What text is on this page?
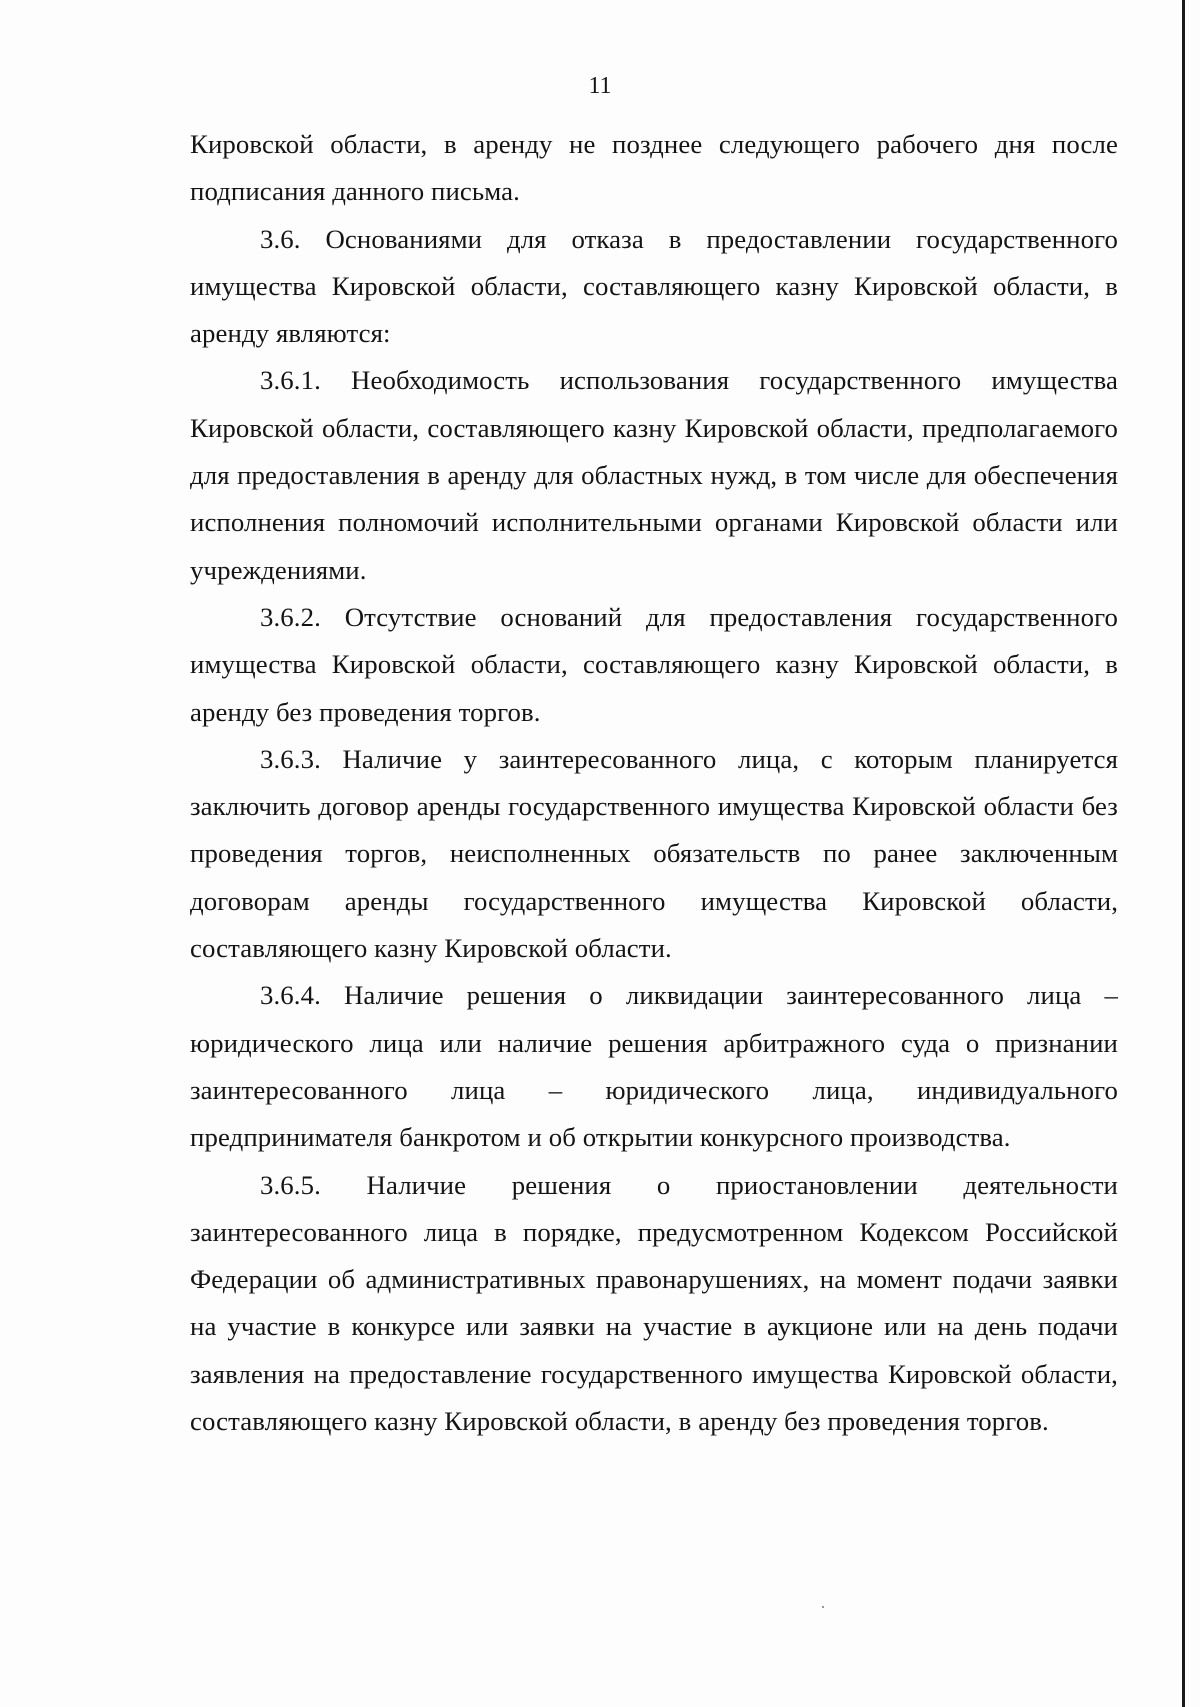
11

Кировской области, в аренду не позднее следующего рабочего дня после подписания данного письма.

3.6. Основаниями для отказа в предоставлении государственного имущества Кировской области, составляющего казну Кировской области, в аренду являются:

3.6.1. Необходимость использования государственного имущества Кировской области, составляющего казну Кировской области, предполагаемого для предоставления в аренду для областных нужд, в том числе для обеспечения исполнения полномочий исполнительными органами Кировской области или учреждениями.

3.6.2. Отсутствие оснований для предоставления государственного имущества Кировской области, составляющего казну Кировской области, в аренду без проведения торгов.

3.6.3. Наличие у заинтересованного лица, с которым планируется заключить договор аренды государственного имущества Кировской области без проведения торгов, неисполненных обязательств по ранее заключенным договорам аренды государственного имущества Кировской области, составляющего казну Кировской области.

3.6.4. Наличие решения о ликвидации заинтересованного лица – юридического лица или наличие решения арбитражного суда о признании заинтересованного лица – юридического лица, индивидуального предпринимателя банкротом и об открытии конкурсного производства.

3.6.5. Наличие решения о приостановлении деятельности заинтересованного лица в порядке, предусмотренном Кодексом Российской Федерации об административных правонарушениях, на момент подачи заявки на участие в конкурсе или заявки на участие в аукционе или на день подачи заявления на предоставление государственного имущества Кировской области, составляющего казну Кировской области, в аренду без проведения торгов.
